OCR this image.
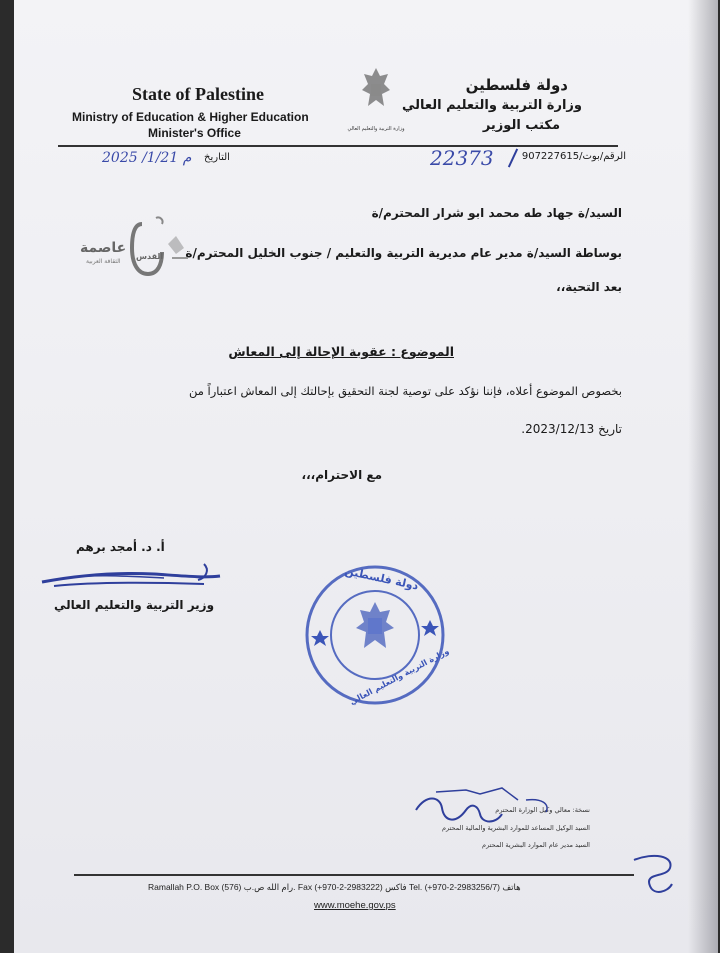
State of Palestine
Ministry of Education & Higher Education
Minister's Office	وزارة التربية والتعليم العالي
دولة فلسطين
وزارة التربية والتعليم العالي
مكتب الوزير
الرقم/بوت/907227615
22373
التاريخ
2025 /1/21 م
السيد/ة جهاد طه محمد ابو شرار المحترم/ة
بوساطة السيد/ة مدير عام مديرية التربية والتعليم / جنوب الخليل المحترم/ة
بعد التحية،،
عاصمة
الثقافة العربية
القدس
الموضوع : عقوبة الإحالة إلى المعاش
بخصوص الموضوع أعلاه، فإننا نؤكد على توصية لجنة التحقيق بإحالتك إلى المعاش اعتباراً من
تاريخ 2023/12/13.
مع الاحترام،،،
أ. د. أمجد برهم
وزير التربية والتعليم العالي
دولة فلسطين
وزارة التربية والتعليم العالي
نسخة: معالي وكيل الوزارة المحترم
السيد الوكيل المساعد للموارد البشرية والمالية المحترم
السيد مدير عام الموارد البشرية المحترم
Ramallah P.O. Box (576) رام الله ص.ب. Fax (+970-2-2983222) فاكس Tel. (+970-2-2983256/7) هاتف
www.moehe.gov.ps
